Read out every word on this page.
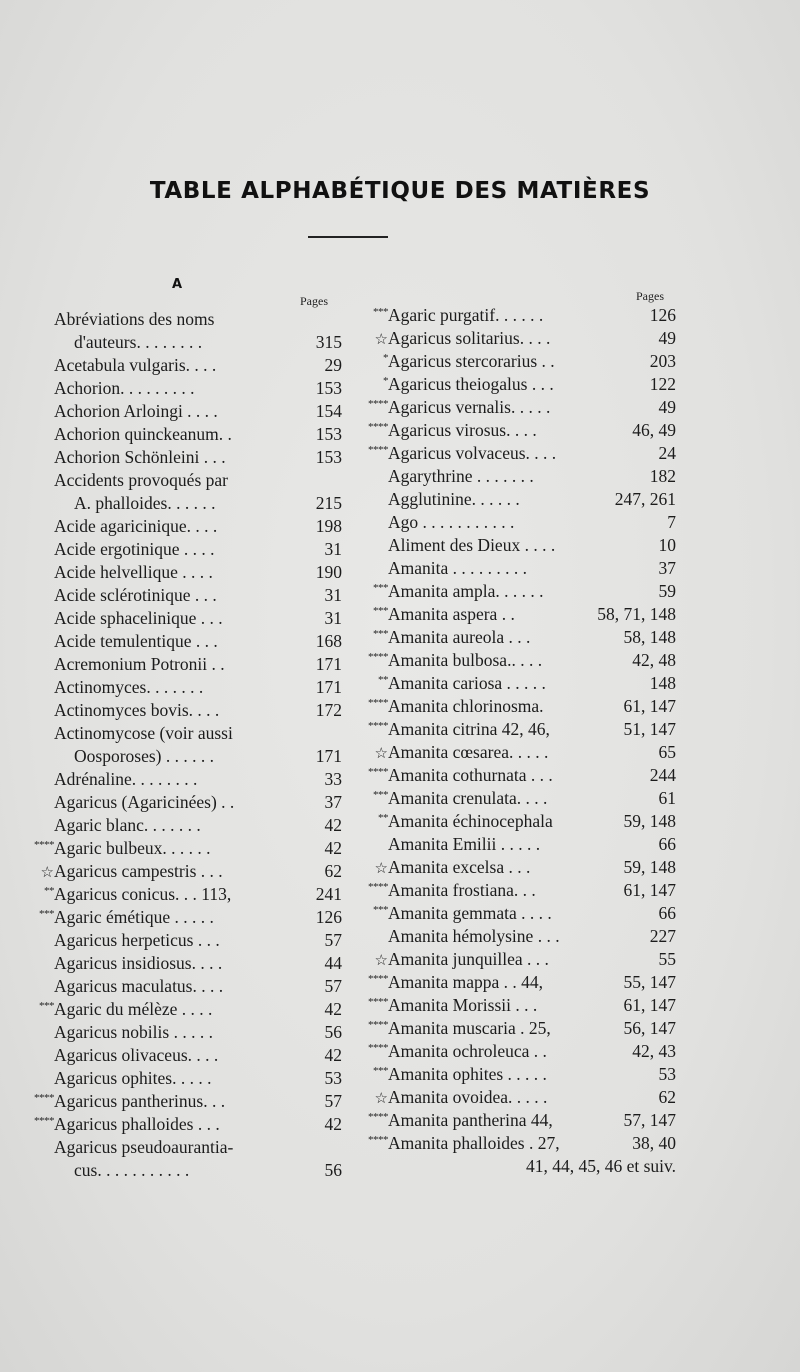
TABLE ALPHABÉTIQUE DES MATIÈRES
A
Pages	Pages
Abréviations des noms
d'auteurs. . . . . . . .	315
Acetabula vulgaris. . . .	29
Achorion. . . . . . . . .	153
Achorion Arloingi . . . .	154
Achorion quinckeanum. .	153
Achorion Schönleini . . .	153
Accidents provoqués par
A. phalloides. . . . . .	215
Acide agaricinique. . . .	198
Acide ergotinique . . . .	31
Acide helvellique . . . .	190
Acide sclérotinique . . .	31
Acide sphacelinique . . .	31
Acide temulentique . . .	168
Acremonium Potronii . .	171
Actinomyces. . . . . . .	171
Actinomyces bovis. . . .	172
Actinomycose (voir aussi
Oosporoses) . . . . . .	171
Adrénaline. . . . . . . .	33
Agaricus (Agaricinées) . .	37
Agaric blanc. . . . . . .	42
**** Agaric bulbeux. . . . . .	42
☆ Agaricus campestris . . .	62
** Agaricus conicus. . . 113,	241
*** Agaric émétique . . . . .	126
Agaricus herpeticus . . .	57
Agaricus insidiosus. . . .	44
Agaricus maculatus. . . .	57
*** Agaric du mélèze . . . .	42
Agaricus nobilis . . . . .	56
Agaricus olivaceus. . . .	42
Agaricus ophites. . . . .	53
**** Agaricus pantherinus. . .	57
**** Agaricus phalloides . . .	42
Agaricus pseudoaurantia-
cus. . . . . . . . . . .	56
*** Agaric purgatif. . . . . .	126
☆ Agaricus solitarius. . . .	49
* Agaricus stercorarius . .	203
* Agaricus theiogalus . . .	122
**** Agaricus vernalis. . . . .	49
**** Agaricus virosus. . . .	46, 49
**** Agaricus volvaceus. . . .	24
Agarythrine . . . . . . .	182
Agglutinine. . . . . .	247, 261
Ago . . . . . . . . . . .	7
Aliment des Dieux . . . .	10
Amanita . . . . . . . . .	37
*** Amanita ampla. . . . . .	59
*** Amanita aspera . .	58, 71, 148
*** Amanita aureola . . .	58, 148
**** Amanita bulbosa.. . . .	42, 48
** Amanita cariosa . . . . .	148
**** Amanita chlorinosma.	61, 147
**** Amanita citrina 42, 46,	51, 147
☆ Amanita cœsarea. . . . .	65
**** Amanita cothurnata . . .	244
*** Amanita crenulata. . . .	61
** Amanita échinocephala	59, 148
Amanita Emilii . . . . .	66
☆ Amanita excelsa . . .	59, 148
**** Amanita frostiana. . .	61, 147
*** Amanita gemmata . . . .	66
Amanita hémolysine . . .	227
☆ Amanita junquillea . . .	55
**** Amanita mappa . . 44,	55, 147
**** Amanita Morissii . . .	61, 147
**** Amanita muscaria . 25,	56, 147
**** Amanita ochroleuca . .	42, 43
*** Amanita ophites . . . . .	53
☆ Amanita ovoidea. . . . .	62
**** Amanita pantherina 44,	57, 147
**** Amanita phalloides . 27,	38, 40
41, 44, 45, 46 et suiv.
